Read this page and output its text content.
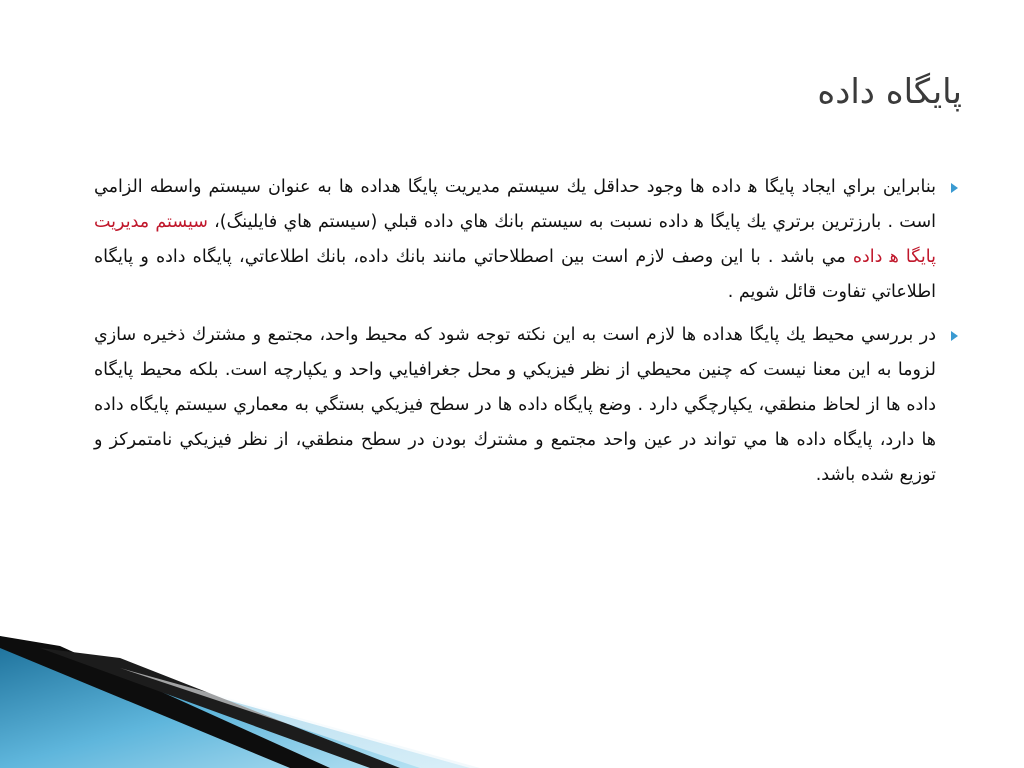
پایگاه داده

بنابراين براي ايجاد پايگا ﻫ داده ها وجود حداقل يك سيستم مديريت پايگا هداده ها به عنوان سيستم واسطه الزامي است . بارزترين برتري يك پايگا ﻫ داده نسبت به سيستم بانك هاي داده قبلي (سيستم هاي فايلينگ)، سيستم مديريت پايگا ﻫ داده مي باشد . با اين وصف لازم است بين اصطلاحاتي مانند بانك داده، بانك اطلاعاتي، پايگاه داده و پايگاه اطلاعاتي تفاوت قائل شويم .

در بررسي محيط يك پايگا هداده ها لازم است به اين نكته توجه شود كه محيط واحد، مجتمع و مشترك ذخيره سازي لزوما به اين معنا نيست كه چنين محيطي از نظر فيزيكي و محل جغرافيايي واحد و يكپارچه است. بلكه محيط پايگاه داده ها از لحاظ منطقي، يكپارچگي دارد . وضع پايگاه داده ها در سطح فيزيكي بستگي به معماري سيستم پايگاه داده ها دارد، پايگاه داده ها مي تواند در عين واحد مجتمع و مشترك بودن در سطح منطقي، از نظر فيزيكي نامتمركز و توزيع شده باشد.
